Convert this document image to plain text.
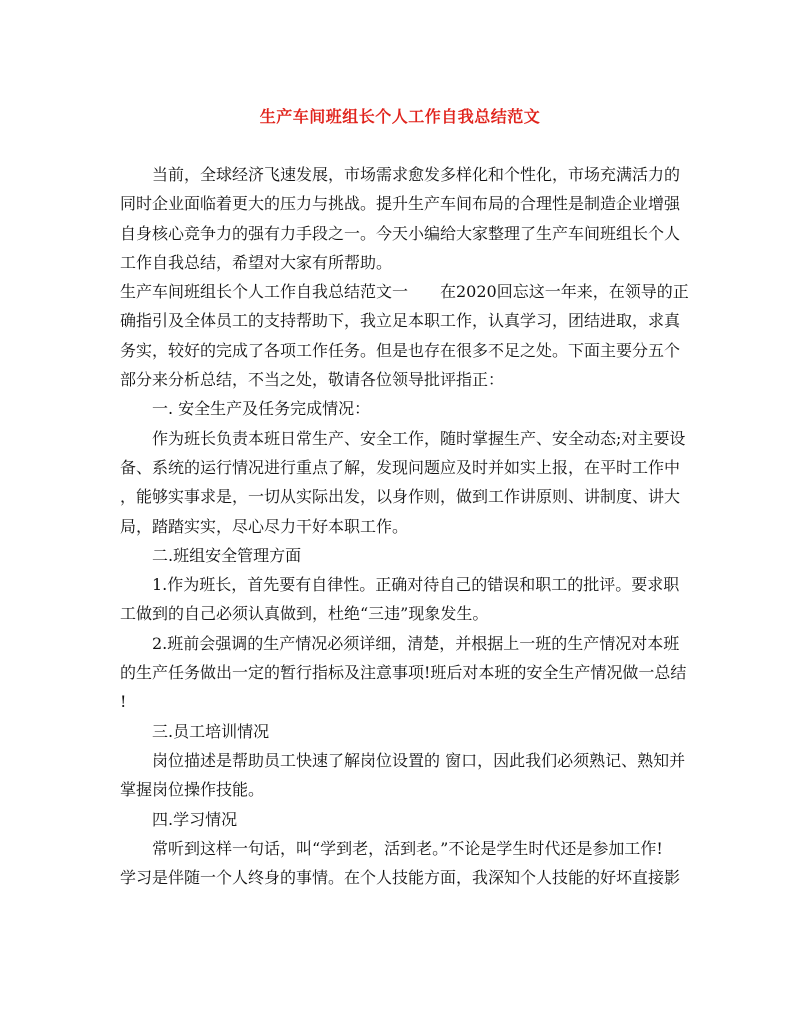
生产车间班组长个人工作自我总结范文
当前，全球经济飞速发展，市场需求愈发多样化和个性化，市场充满活力的
同时企业面临着更大的压力与挑战。提升生产车间布局的合理性是制造企业增强
自身核心竞争力的强有力手段之一。今天小编给大家整理了生产车间班组长个人
工作自我总结，希望对大家有所帮助。
生产车间班组长个人工作自我总结范文一　　在2020回忘这一年来，在领导的正
确指引及全体员工的支持帮助下，我立足本职工作，认真学习，团结进取，求真
务实，较好的完成了各项工作任务。但是也存在很多不足之处。下面主要分五个
部分来分析总结，不当之处，敬请各位领导批评指正：
一. 安全生产及任务完成情况：
作为班长负责本班日常生产、安全工作，随时掌握生产、安全动态;对主要设
备、系统的运行情况进行重点了解，发现问题应及时并如实上报，在平时工作中
，能够实事求是，一切从实际出发，以身作则，做到工作讲原则、讲制度、讲大
局，踏踏实实，尽心尽力干好本职工作。
二.班组安全管理方面
1.作为班长，首先要有自律性。正确对待自己的错误和职工的批评。要求职
工做到的自己必须认真做到，杜绝“三违”现象发生。
2.班前会强调的生产情况必须详细，清楚，并根据上一班的生产情况对本班
的生产任务做出一定的暂行指标及注意事项!班后对本班的安全生产情况做一总结
!
三.员工培训情况
岗位描述是帮助员工快速了解岗位设置的 窗口，因此我们必须熟记、熟知并
掌握岗位操作技能。
四.学习情况
常听到这样一句话，叫“学到老，活到老。”不论是学生时代还是参加工作!
学习是伴随一个人终身的事情。在个人技能方面，我深知个人技能的好坏直接影
